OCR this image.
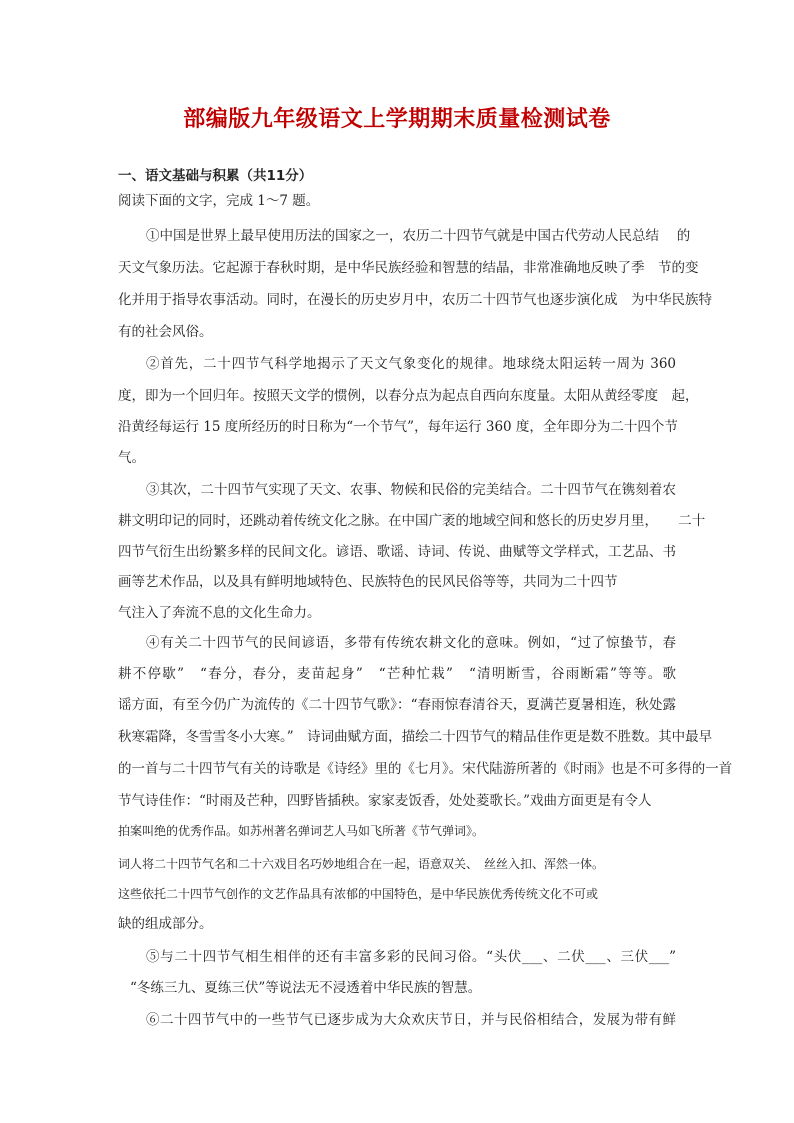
部编版九年级语文上学期期末质量检测试卷
一、语文基础与积累（共11分）
阅读下面的文字，完成 1～7 题。
①中国是世界上最早使用历法的国家之一，农历二十四节气就是中国古代劳动人民总结　 的
天文气象历法。它起源于春秋时期，是中华民族经验和智慧的结晶，非常准确地反映了季　节的变
化并用于指导农事活动。同时，在漫长的历史岁月中，农历二十四节气也逐步演化成　为中华民族特
有的社会风俗。
②首先，二十四节气科学地揭示了天文气象变化的规律。地球绕太阳运转一周为 360
度，即为一个回归年。按照天文学的惯例，以春分点为起点自西向东度量。太阳从黄经零度　起，
沿黄经每运行 15 度所经历的时日称为“一个节气”，每年运行 360 度，全年即分为二十四个节
气。
③其次，二十四节气实现了天文、农事、物候和民俗的完美结合。二十四节气在镌刻着农
耕文明印记的同时，还跳动着传统文化之脉。在中国广袤的地域空间和悠长的历史岁月里，　　二十
四节气衍生出纷繁多样的民间文化。谚语、歌谣、诗词、传说、曲赋等文学样式，工艺品、书
画等艺术作品，以及具有鲜明地域特色、民族特色的民风民俗等等，共同为二十四节
气注入了奔流不息的文化生命力。
④有关二十四节气的民间谚语，多带有传统农耕文化的意味。例如，“过了惊蛰节，春
耕不停歇”　“春分，春分，麦苗起身”　“芒种忙栽”　“清明断雪，谷雨断霜”等等。歌
谣方面，有至今仍广为流传的《二十四节气歌》：“春雨惊春清谷天，夏满芒夏暑相连，秋处露
秋寒霜降，冬雪雪冬小大寒。”　诗词曲赋方面，描绘二十四节气的精品佳作更是数不胜数。其中最早
的一首与二十四节气有关的诗歌是《诗经》里的《七月》。宋代陆游所著的《时雨》也是不可多得的一首
节气诗佳作：“时雨及芒种，四野皆插秧。家家麦饭香，处处菱歌长。”戏曲方面更是有令人
拍案叫绝的优秀作品。如苏州著名弹词艺人马如飞所著《节气弹词》。
词人将二十四节气名和二十六戏目名巧妙地组合在一起，语意双关、　丝丝入扣、浑然一体。
这些依托二十四节气创作的文艺作品具有浓郁的中国特色，是中华民族优秀传统文化不可或
缺的组成部分。
⑤与二十四节气相生相伴的还有丰富多彩的民间习俗。“头伏___、二伏___、三伏___”
“冬练三九、夏练三伏”等说法无不浸透着中华民族的智慧。
⑥二十四节气中的一些节气已逐步成为大众欢庆节日，并与民俗相结合，发展为带有鲜
